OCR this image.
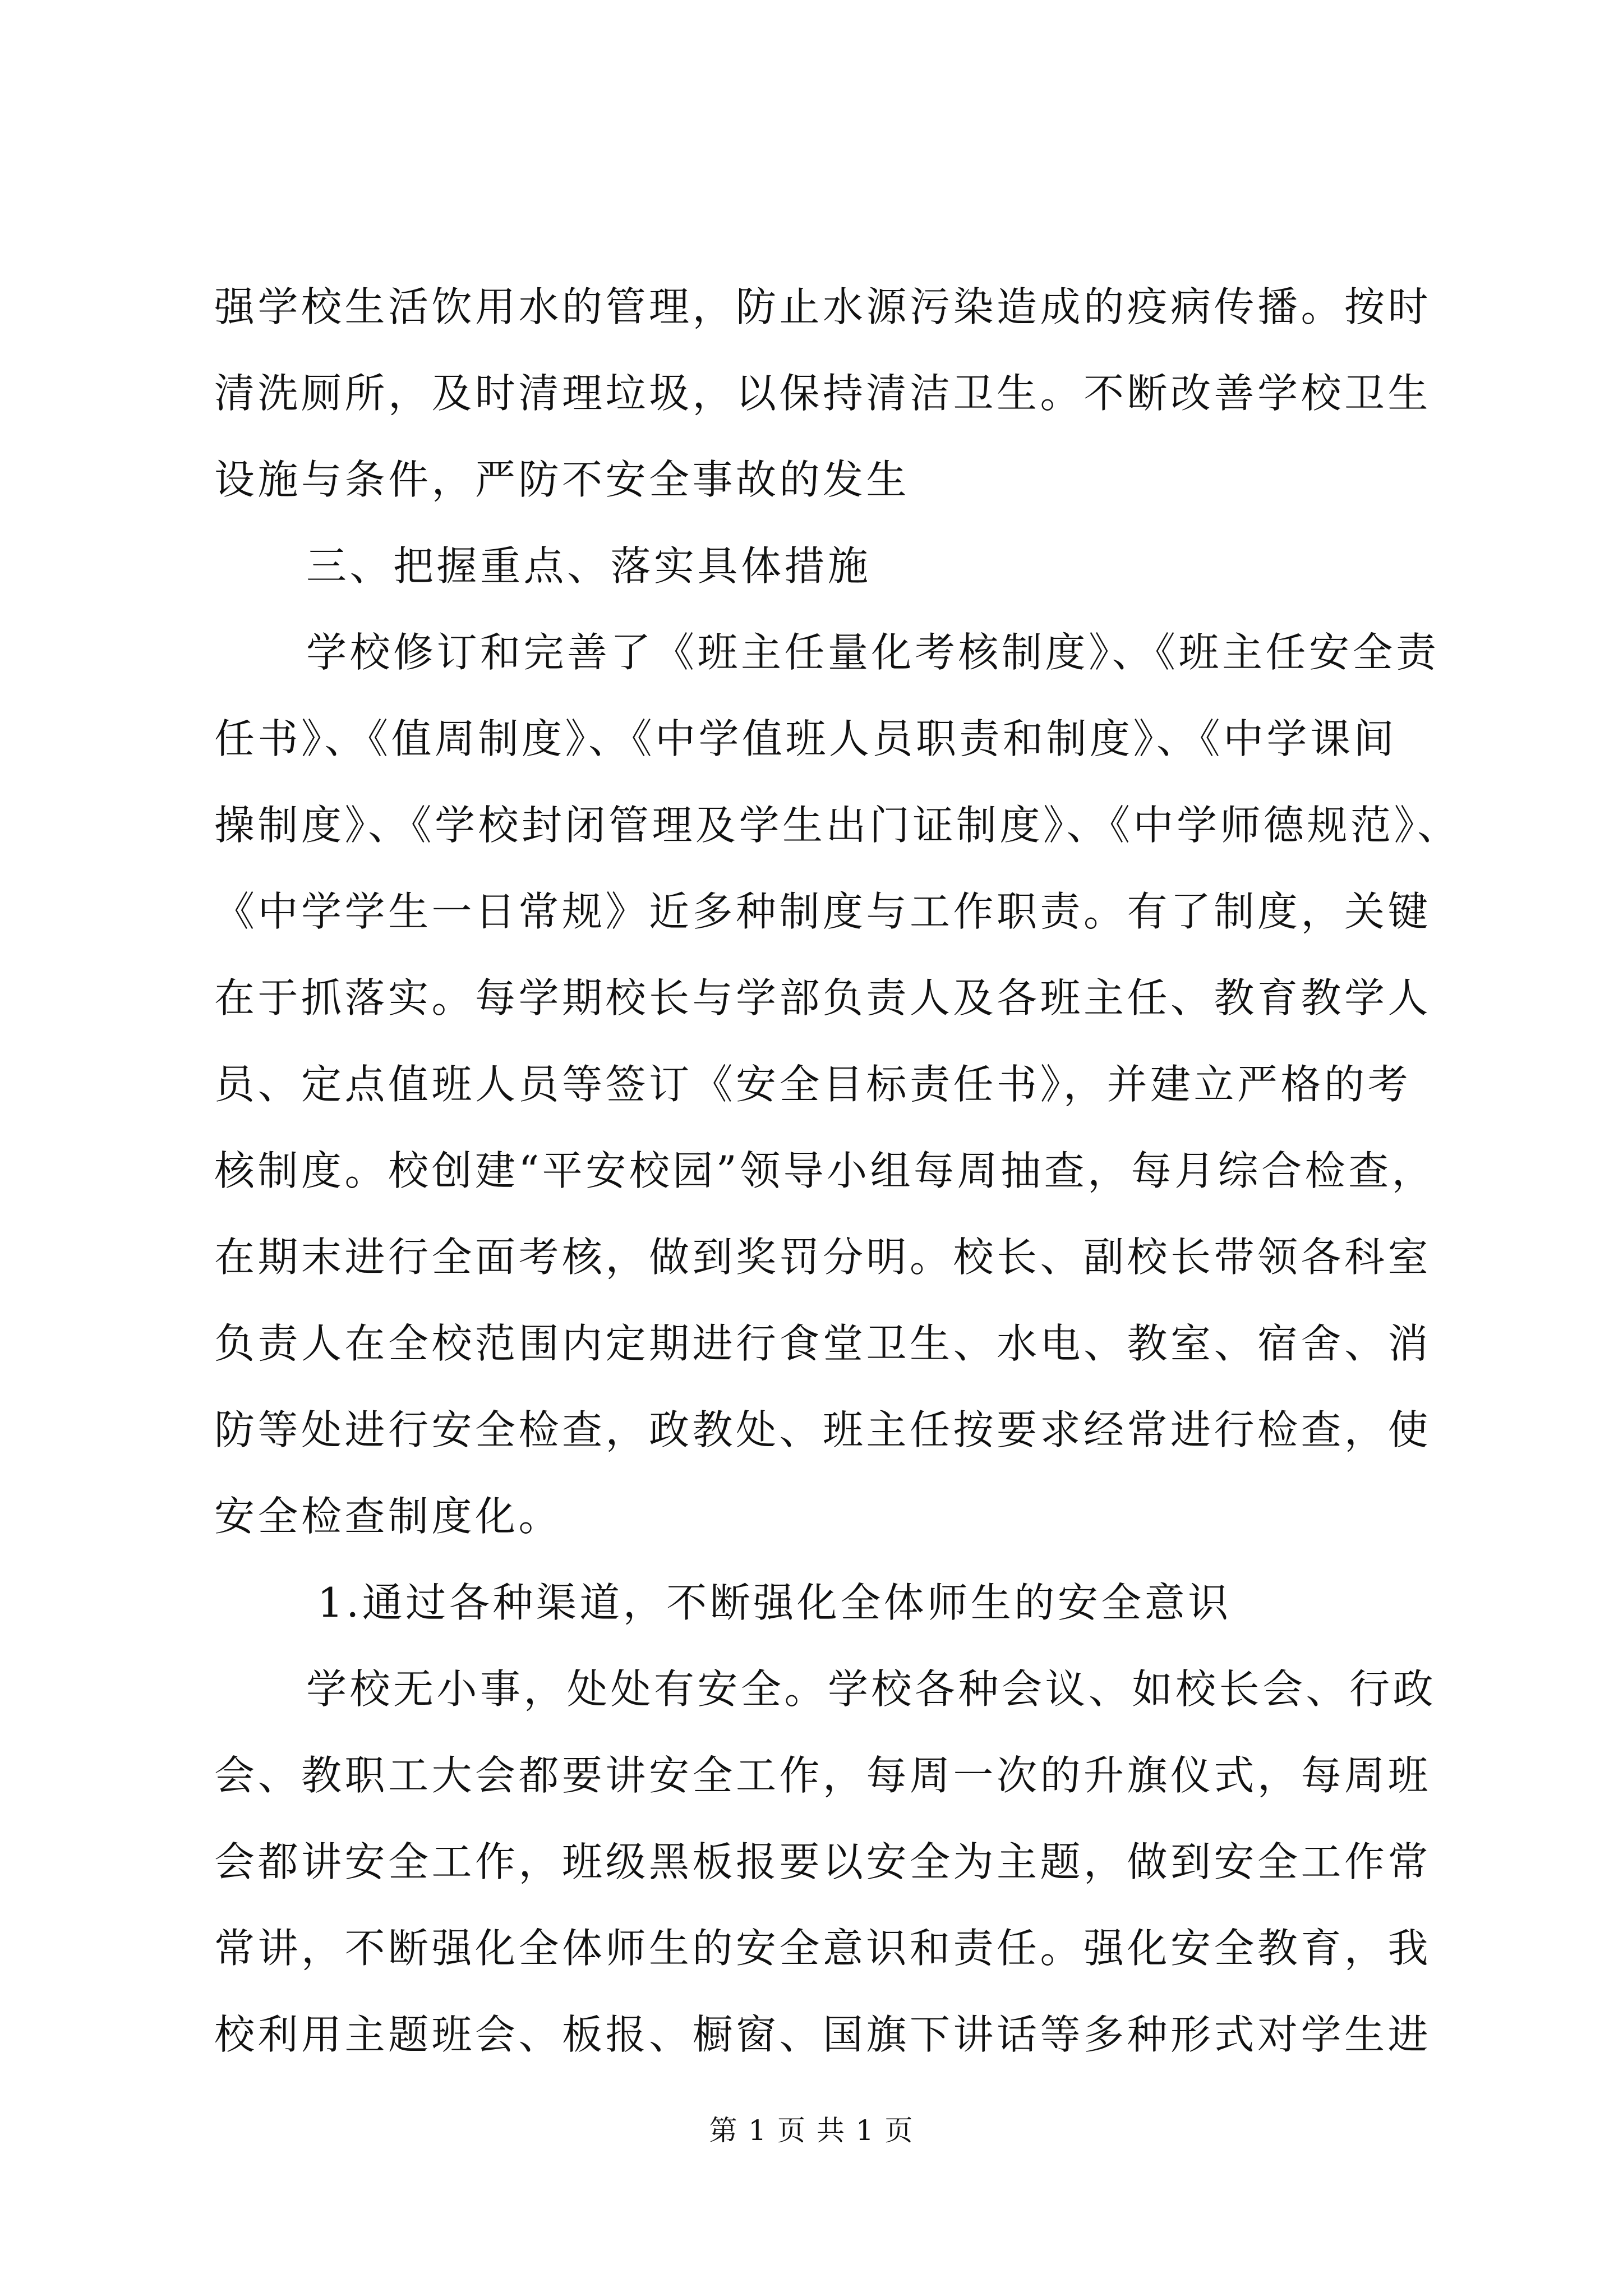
强学校生活饮用水的管理，防止水源污染造成的疫病传播。按时
清洗厕所，及时清理垃圾，以保持清洁卫生。不断改善学校卫生
设施与条件，严防不安全事故的发生
三、把握重点、落实具体措施
学校修订和完善了《班主任量化考核制度》、《班主任安全责
任书》、《值周制度》、《中学值班人员职责和制度》、《中学课间
操制度》、《学校封闭管理及学生出门证制度》、《中学师德规范》、
《中学学生一日常规》近多种制度与工作职责。有了制度，关键
在于抓落实。每学期校长与学部负责人及各班主任、教育教学人
员、定点值班人员等签订《安全目标责任书》，并建立严格的考
核制度。校创建“平安校园”领导小组每周抽查，每月综合检查，
在期末进行全面考核，做到奖罚分明。校长、副校长带领各科室
负责人在全校范围内定期进行食堂卫生、水电、教室、宿舍、消
防等处进行安全检查，政教处、班主任按要求经常进行检查，使
安全检查制度化。
1.通过各种渠道，不断强化全体师生的安全意识
学校无小事，处处有安全。学校各种会议、如校长会、行政
会、教职工大会都要讲安全工作，每周一次的升旗仪式，每周班
会都讲安全工作，班级黑板报要以安全为主题，做到安全工作常
常讲，不断强化全体师生的安全意识和责任。强化安全教育，我
校利用主题班会、板报、橱窗、国旗下讲话等多种形式对学生进
第 1 页 共 1 页
